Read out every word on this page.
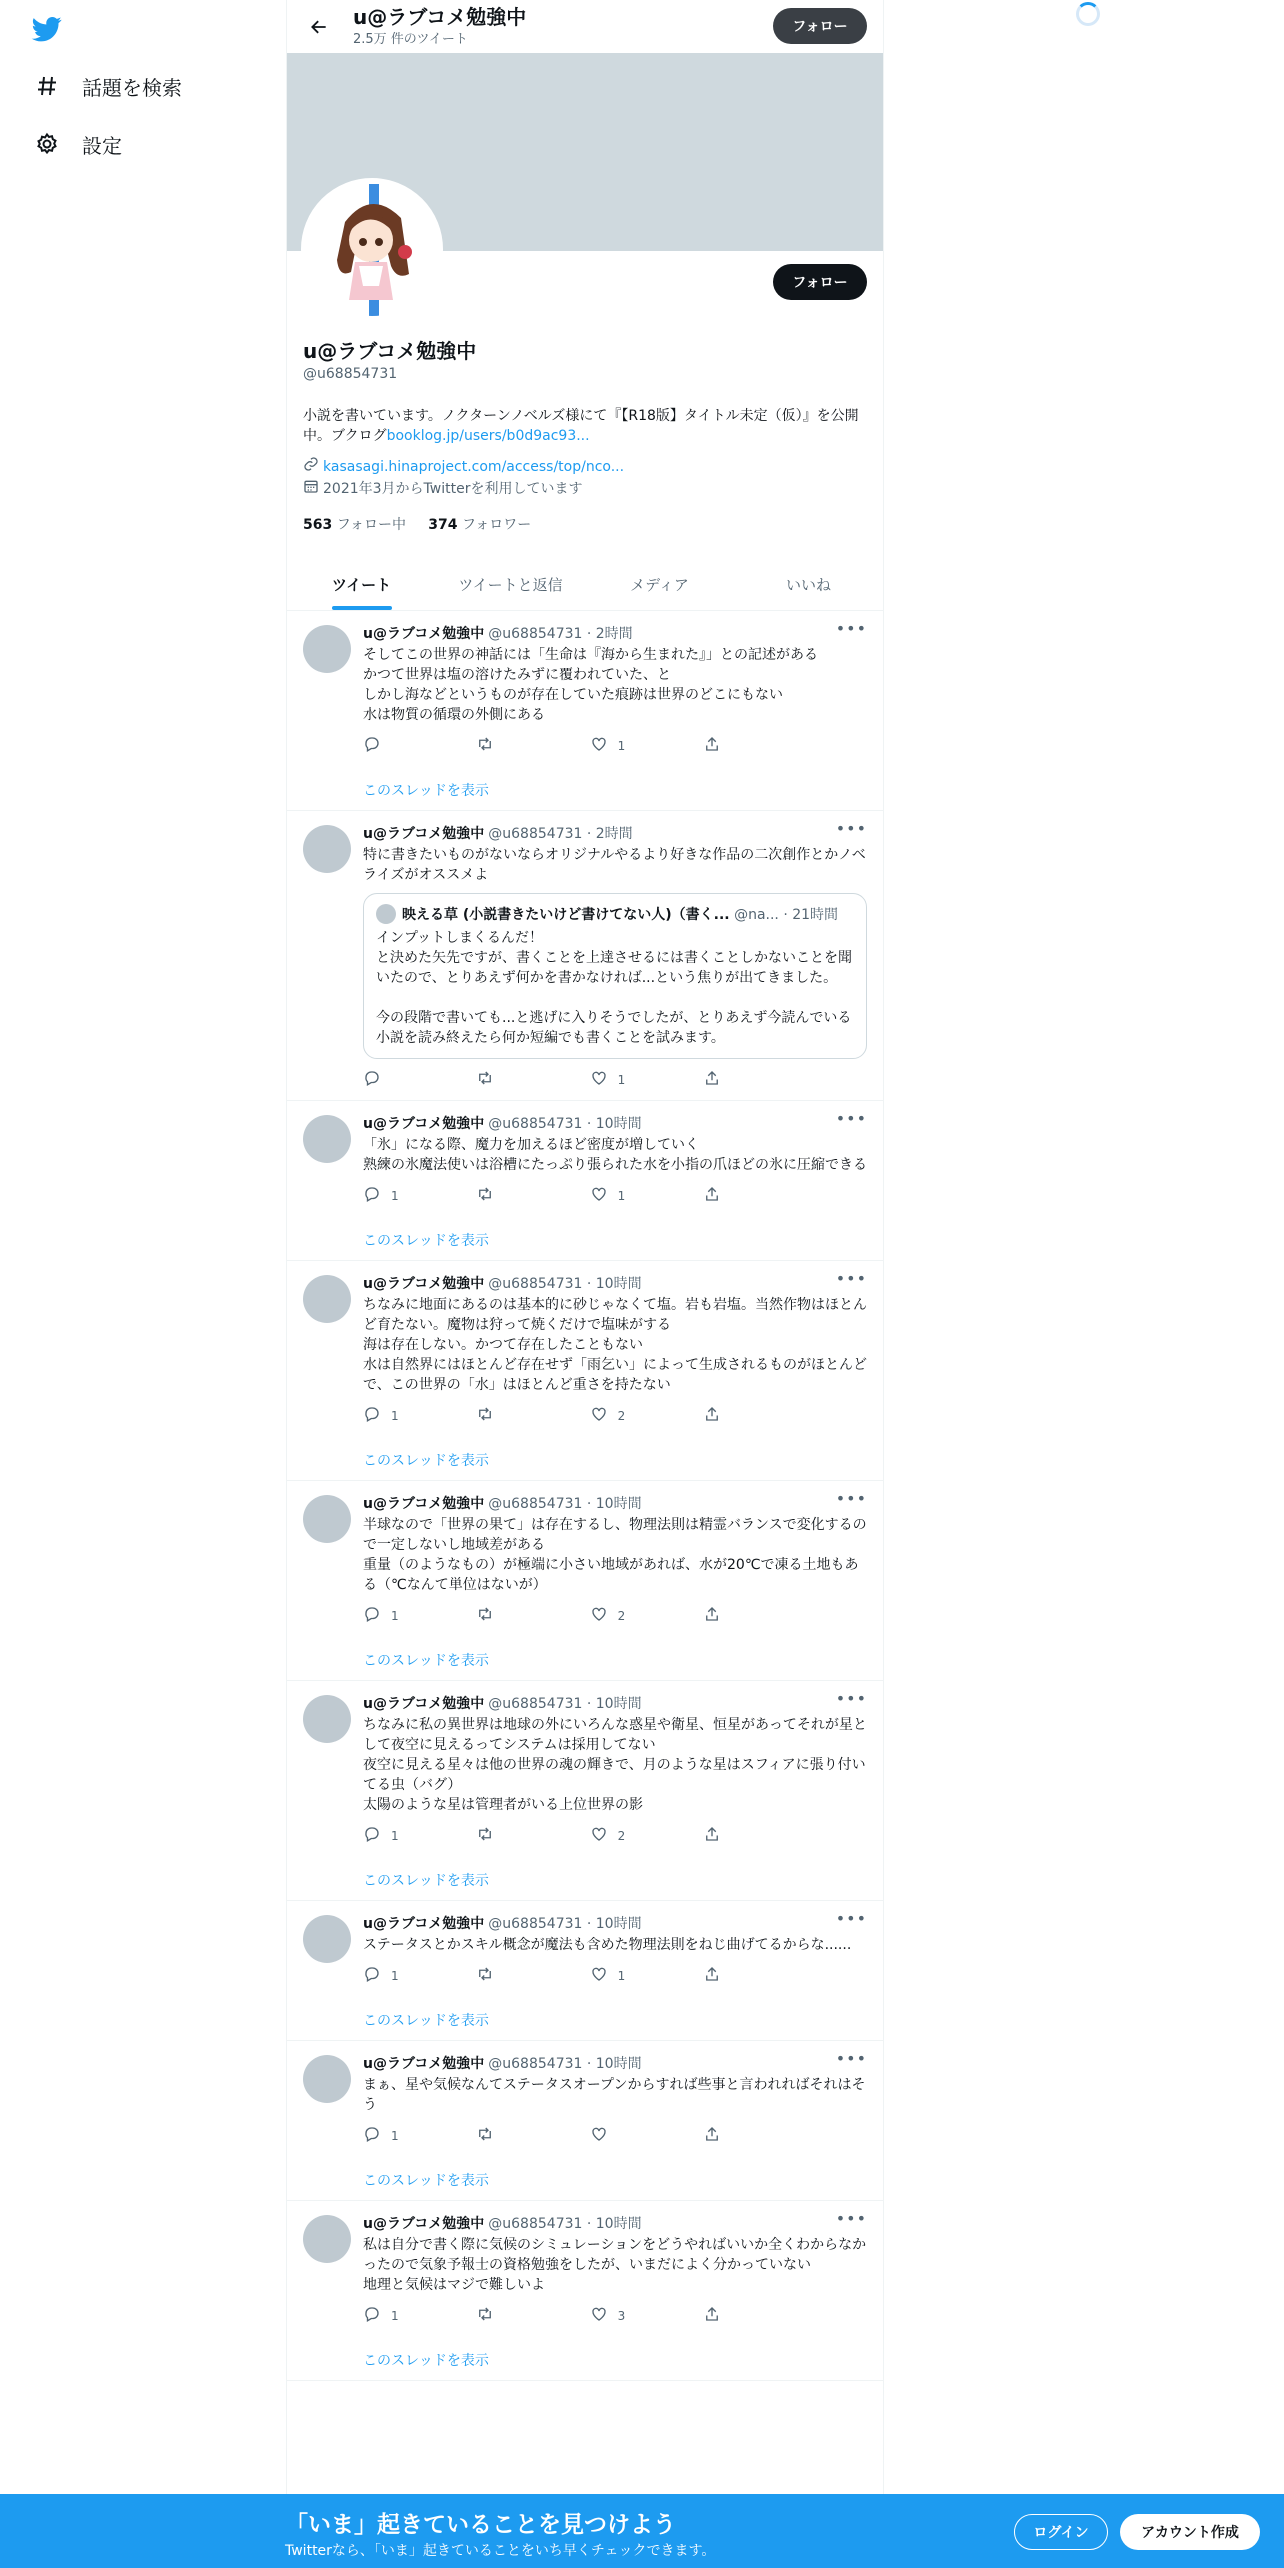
話題を検索
設定
u@ラブコメ勉強中
2.5万 件のツイート
フォロー
フォロー
u@ラブコメ勉強中
@u68854731
小説を書いています。ノクターンノベルズ様にて『【R18版】タイトル未定（仮）』を公開中。ブクログbooklog.jp/users/b0d9ac93...
kasasagi.hinaproject.com/access/top/nco...
2021年3月からTwitterを利用しています
563 フォロー中 374 フォロワー
ツイート	ツイートと返信	メディア	いいね
•••
u@ラブコメ勉強中 @u68854731 · 2時間
そしてこの世界の神話には「生命は『海から生まれた』」との記述がある
かつて世界は塩の溶けたみずに覆われていた、と
しかし海などというものが存在していた痕跡は世界のどこにもない
水は物質の循環の外側にある
1
このスレッドを表示
•••
u@ラブコメ勉強中 @u68854731 · 2時間
特に書きたいものがないならオリジナルやるより好きな作品の二次創作とかノベライズがオススメよ
映える草 (小説書きたいけど書けてない人)（書く...
@na... · 21時間
インプットしまくるんだ！
と決めた矢先ですが、書くことを上達させるには書くことしかないことを聞いたので、とりあえず何かを書かなければ...という焦りが出てきました。

今の段階で書いても...と逃げに入りそうでしたが、とりあえず今読んでいる小説を読み終えたら何か短編でも書くことを試みます。
1
•••
u@ラブコメ勉強中 @u68854731 · 10時間
「氷」になる際、魔力を加えるほど密度が増していく
熟練の氷魔法使いは浴槽にたっぷり張られた水を小指の爪ほどの氷に圧縮できる
1	1
このスレッドを表示
•••
u@ラブコメ勉強中 @u68854731 · 10時間
ちなみに地面にあるのは基本的に砂じゃなくて塩。岩も岩塩。当然作物はほとんど育たない。魔物は狩って焼くだけで塩味がする
海は存在しない。かつて存在したこともない
水は自然界にはほとんど存在せず「雨乞い」によって生成されるものがほとんどで、この世界の「水」はほとんど重さを持たない
1	2
このスレッドを表示
•••
u@ラブコメ勉強中 @u68854731 · 10時間
半球なので「世界の果て」は存在するし、物理法則は精霊バランスで変化するので一定しないし地域差がある
重量（のようなもの）が極端に小さい地域があれば、水が20℃で凍る土地もある（℃なんて単位はないが）
1	2
このスレッドを表示
•••
u@ラブコメ勉強中 @u68854731 · 10時間
ちなみに私の異世界は地球の外にいろんな惑星や衛星、恒星があってそれが星として夜空に見えるってシステムは採用してない
夜空に見える星々は他の世界の魂の輝きで、月のような星はスフィアに張り付いてる虫（バグ）
太陽のような星は管理者がいる上位世界の影
1	2
このスレッドを表示
•••
u@ラブコメ勉強中 @u68854731 · 10時間
ステータスとかスキル概念が魔法も含めた物理法則をねじ曲げてるからな......
1	1
このスレッドを表示
•••
u@ラブコメ勉強中 @u68854731 · 10時間
まぁ、星や気候なんてステータスオープンからすれば些事と言われればそれはそう
1
このスレッドを表示
•••
u@ラブコメ勉強中 @u68854731 · 10時間
私は自分で書く際に気候のシミュレーションをどうやればいいか全くわからなかったので気象予報士の資格勉強をしたが、いまだによく分かっていない
地理と気候はマジで難しいよ
1	3
このスレッドを表示
「いま」起きていることを見つけよう
Twitterなら、「いま」起きていることをいち早くチェックできます。
ログイン	アカウント作成
